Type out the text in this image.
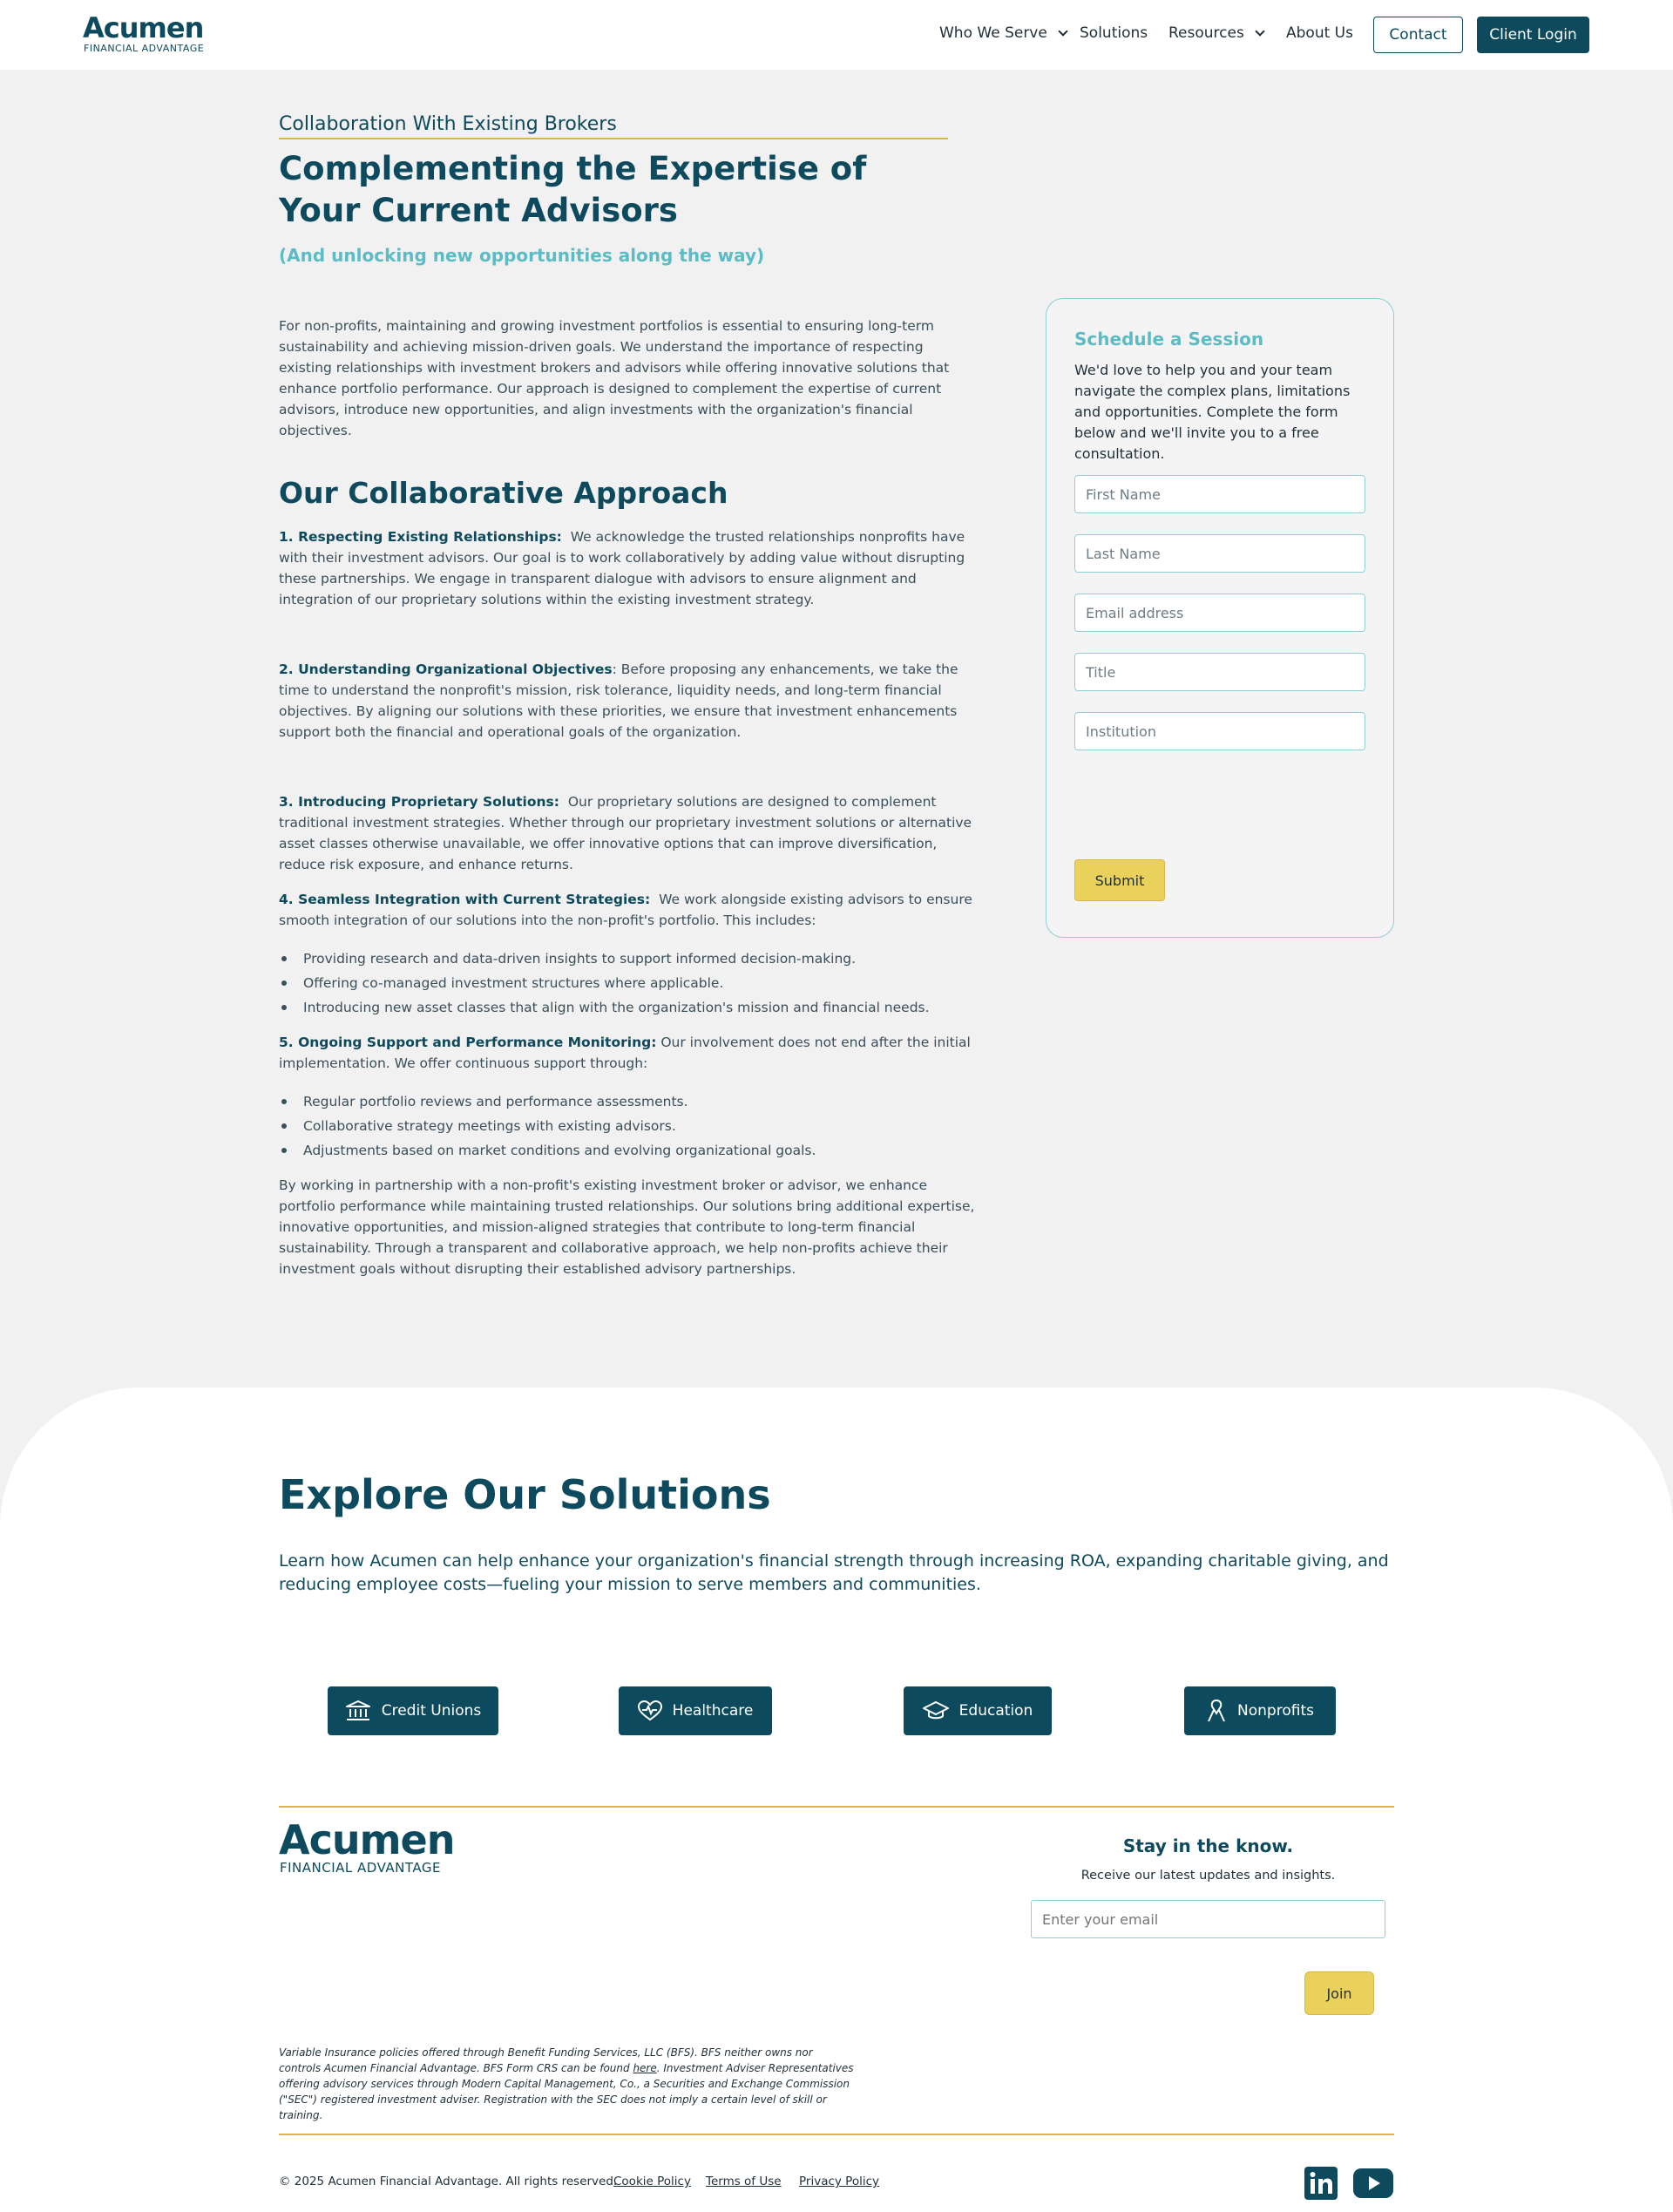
Acumen
FINANCIAL ADVANTAGE
Who We Serve Solutions Resources	About Us	Contact	Client Login
Collaboration With Existing Brokers
Complementing the Expertise of Your Current Advisors
(And unlocking new opportunities along the way)

For non-profits, maintaining and growing investment portfolios is essential to ensuring long-term sustainability and achieving mission-driven goals. We understand the importance of respecting existing relationships with investment brokers and advisors while offering innovative solutions that enhance portfolio performance. Our approach is designed to complement the expertise of current advisors, introduce new opportunities, and align investments with the organization's financial objectives.

Our Collaborative Approach

1. Respecting Existing Relationships: We acknowledge the trusted relationships nonprofits have with their investment advisors. Our goal is to work collaboratively by adding value without disrupting these partnerships. We engage in transparent dialogue with advisors to ensure alignment and integration of our proprietary solutions within the existing investment strategy.

2. Understanding Organizational Objectives: Before proposing any enhancements, we take the time to understand the nonprofit's mission, risk tolerance, liquidity needs, and long-term financial objectives. By aligning our solutions with these priorities, we ensure that investment enhancements support both the financial and operational goals of the organization.

3. Introducing Proprietary Solutions: Our proprietary solutions are designed to complement traditional investment strategies. Whether through our proprietary investment solutions or alternative asset classes otherwise unavailable, we offer innovative options that can improve diversification, reduce risk exposure, and enhance returns.

4. Seamless Integration with Current Strategies: We work alongside existing advisors to ensure smooth integration of our solutions into the non-profit's portfolio. This includes:

Providing research and data-driven insights to support informed decision-making.
Offering co-managed investment structures where applicable.
Introducing new asset classes that align with the organization's mission and financial needs.

5. Ongoing Support and Performance Monitoring: Our involvement does not end after the initial implementation. We offer continuous support through:

Regular portfolio reviews and performance assessments.
Collaborative strategy meetings with existing advisors.
Adjustments based on market conditions and evolving organizational goals.

By working in partnership with a non-profit's existing investment broker or advisor, we enhance portfolio performance while maintaining trusted relationships. Our solutions bring additional expertise, innovative opportunities, and mission-aligned strategies that contribute to long-term financial sustainability. Through a transparent and collaborative approach, we help non-profits achieve their investment goals without disrupting their established advisory partnerships.

Schedule a Session
We'd love to help you and your team navigate the complex plans, limitations and opportunities. Complete the form below and we'll invite you to a free consultation.
First Name
Last Name
Email address
Title
Institution
Submit
Explore Our Solutions

Learn how Acumen can help enhance your organization's financial strength through increasing ROA, expanding charitable giving, and reducing employee costs—fueling your mission to serve members and communities.

Credit Unions	Healthcare	Education	Nonprofits
Acumen
FINANCIAL ADVANTAGE
Stay in the know.
Receive our latest updates and insights.
Enter your email
Join

Variable Insurance policies offered through Benefit Funding Services, LLC (BFS). BFS neither owns nor controls Acumen Financial Advantage. BFS Form CRS can be found here. Investment Adviser Representatives offering advisory services through Modern Capital Management, Co., a Securities and Exchange Commission ("SEC") registered investment adviser. Registration with the SEC does not imply a certain level of skill or training.

© 2025 Acumen Financial Advantage. All rights reserved.
Cookie Policy Terms of Use Privacy Policy
